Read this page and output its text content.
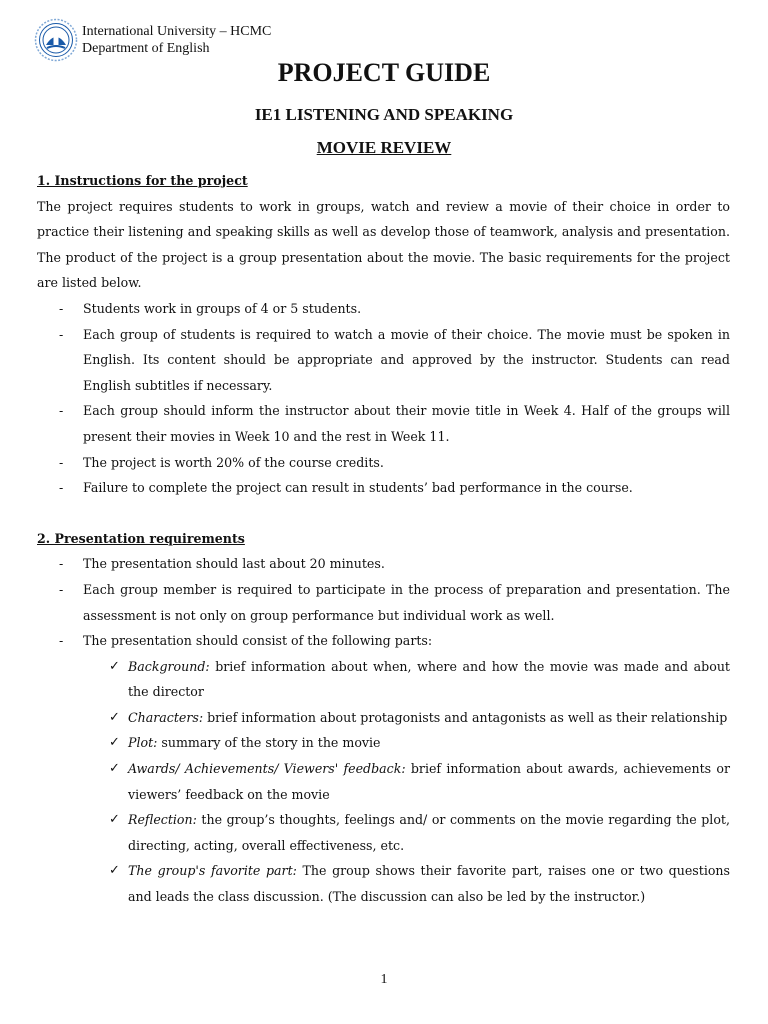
International University – HCMC
Department of English
PROJECT GUIDE
IE1 LISTENING AND SPEAKING
MOVIE REVIEW

1. Instructions for the project

The project requires students to work in groups, watch and review a movie of their choice in order to practice their listening and speaking skills as well as develop those of teamwork, analysis and presentation. The product of the project is a group presentation about the movie. The basic requirements for the project are listed below.

- Students work in groups of 4 or 5 students.
- Each group of students is required to watch a movie of their choice. The movie must be spoken in English. Its content should be appropriate and approved by the instructor. Students can read English subtitles if necessary.
- Each group should inform the instructor about their movie title in Week 4. Half of the groups will present their movies in Week 10 and the rest in Week 11.
- The project is worth 20% of the course credits.
- Failure to complete the project can result in students’ bad performance in the course.

2. Presentation requirements

- The presentation should last about 20 minutes.
- Each group member is required to participate in the process of preparation and presentation. The assessment is not only on group performance but individual work as well.
- The presentation should consist of the following parts:
✓ Background: brief information about when, where and how the movie was made and about the director
✓ Characters: brief information about protagonists and antagonists as well as their relationship
✓ Plot: summary of the story in the movie
✓ Awards/ Achievements/ Viewers' feedback: brief information about awards, achievements or viewers’ feedback on the movie
✓ Reflection: the group’s thoughts, feelings and/ or comments on the movie regarding the plot, directing, acting, overall effectiveness, etc.
✓ The group's favorite part: The group shows their favorite part, raises one or two questions and leads the class discussion. (The discussion can also be led by the instructor.)
1
